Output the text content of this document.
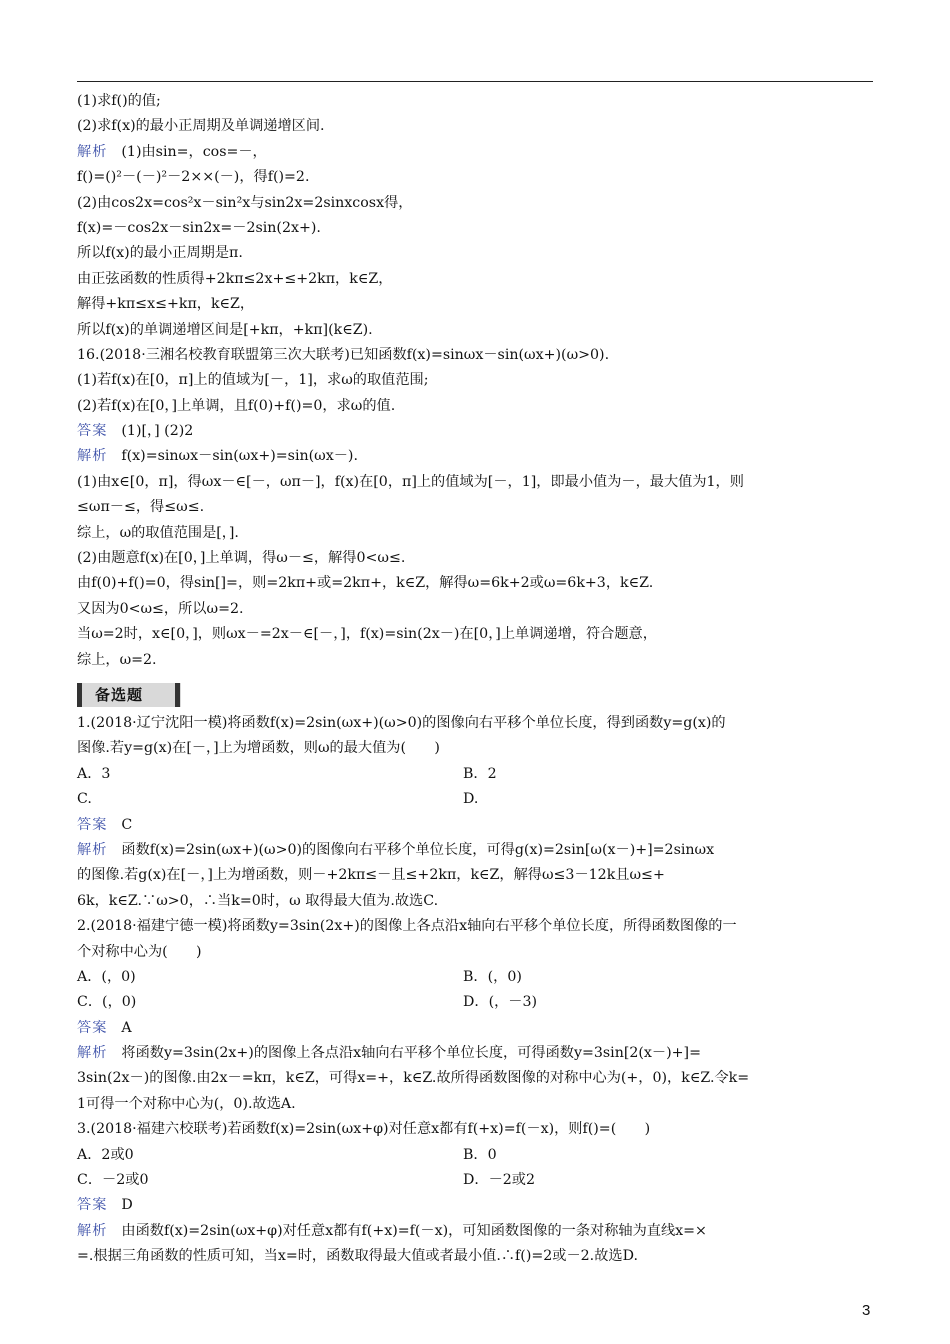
(1)求f()的值;
(2)求f(x)的最小正周期及单调递增区间.
解析 (1)由sin=，cos=－，
f()=()²－(－)²－2××(－)，得f()=2.
(2)由cos2x=cos²x－sin²x与sin2x=2sinxcosx得，
f(x)=－cos2x－sin2x=－2sin(2x+).
所以f(x)的最小正周期是π.
由正弦函数的性质得+2kπ≤2x+≤+2kπ，k∈Z，
解得+kπ≤x≤+kπ，k∈Z，
所以f(x)的单调递增区间是[+kπ，+kπ](k∈Z).
16.(2018·三湘名校教育联盟第三次大联考)已知函数f(x)=sinωx－sin(ωx+)(ω>0).
(1)若f(x)在[0，π]上的值域为[－，1]，求ω的取值范围;
(2)若f(x)在[0，]上单调，且f(0)+f()=0，求ω的值.
答案 (1)[，] (2)2
解析 f(x)=sinωx－sin(ωx+)=sin(ωx－).
(1)由x∈[0，π]，得ωx－∈[－，ωπ－]，f(x)在[0，π]上的值域为[－，1]，即最小值为－，最大值为1，则
≤ωπ－≤，得≤ω≤.
综上，ω的取值范围是[，].
(2)由题意f(x)在[0，]上单调，得ω－≤，解得0<ω≤.
由f(0)+f()=0，得sin[]=，则=2kπ+或=2kπ+，k∈Z，解得ω=6k+2或ω=6k+3，k∈Z.
又因为0<ω≤，所以ω=2.
当ω=2时，x∈[0，]，则ωx－=2x－∈[－，]，f(x)=sin(2x－)在[0，]上单调递增，符合题意，
综上，ω=2.
备选题
1.(2018·辽宁沈阳一模)将函数f(x)=2sin(ωx+)(ω>0)的图像向右平移个单位长度，得到函数y=g(x)的
图像.若y=g(x)在[－，]上为增函数，则ω的最大值为(　　)
A．3	B．2
C.	D.
答案 C
解析 函数f(x)=2sin(ωx+)(ω>0)的图像向右平移个单位长度，可得g(x)=2sin[ω(x－)+]=2sinωx
的图像.若g(x)在[－，]上为增函数，则－+2kπ≤－且≤+2kπ，k∈Z，解得ω≤3－12k且ω≤+
6k，k∈Z.∵ω>0，∴当k=0时，ω 取得最大值为.故选C.
2.(2018·福建宁德一模)将函数y=3sin(2x+)的图像上各点沿x轴向右平移个单位长度，所得函数图像的一
个对称中心为(　　)
A．(，0)	B．(，0)
C．(，0)	D．(，－3)
答案 A
解析 将函数y=3sin(2x+)的图像上各点沿x轴向右平移个单位长度，可得函数y=3sin[2(x－)+]=
3sin(2x－)的图像.由2x－=kπ，k∈Z，可得x=+，k∈Z.故所得函数图像的对称中心为(+，0)，k∈Z.令k=
1可得一个对称中心为(，0).故选A.
3.(2018·福建六校联考)若函数f(x)=2sin(ωx+φ)对任意x都有f(+x)=f(－x)，则f()=(　　)
A．2或0	B．0
C．－2或0	D．－2或2
答案 D
解析 由函数f(x)=2sin(ωx+φ)对任意x都有f(+x)=f(－x)，可知函数图像的一条对称轴为直线x=×
=.根据三角函数的性质可知，当x=时，函数取得最大值或者最小值.∴f()=2或－2.故选D.
3
